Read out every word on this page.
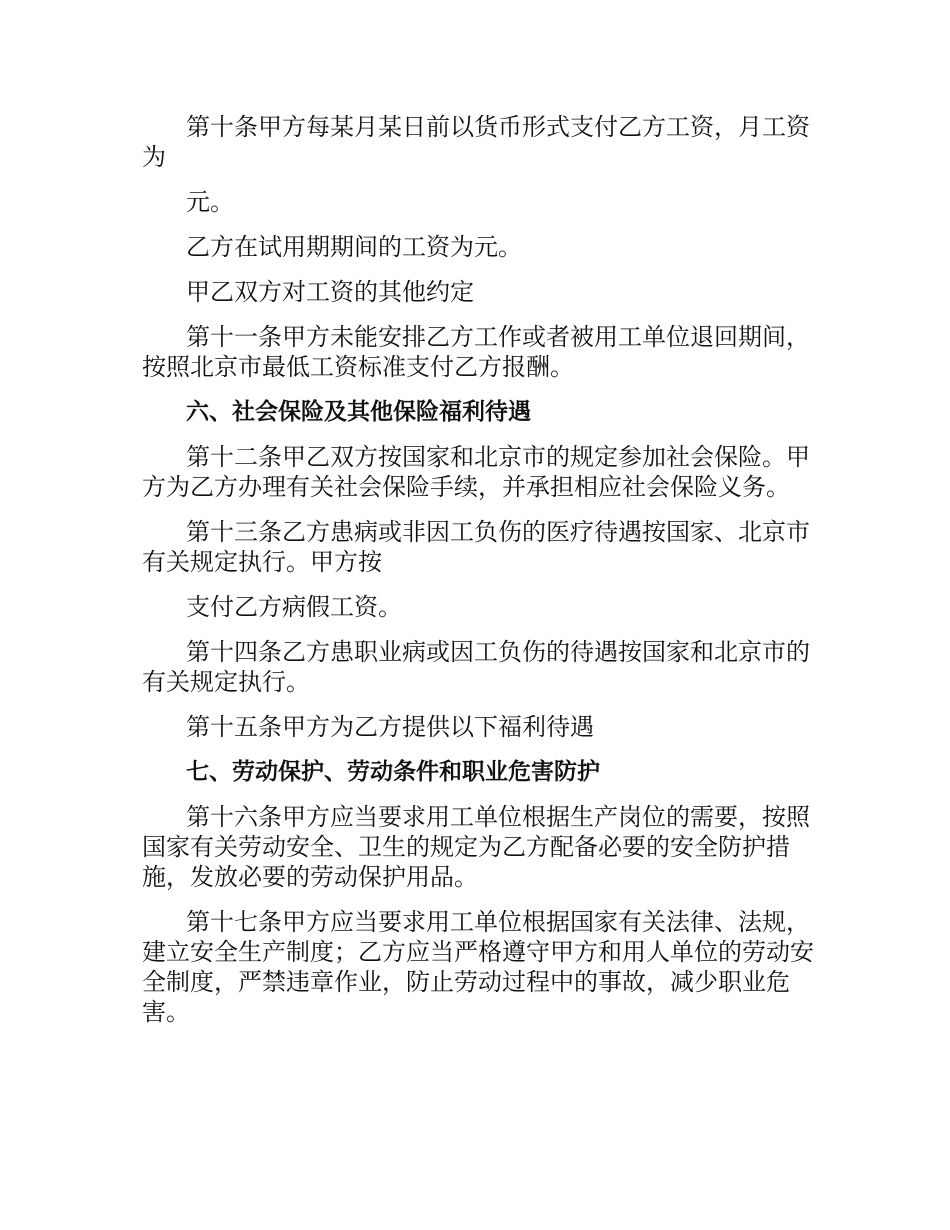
第十条甲方每某月某日前以货币形式支付乙方工资，月工资为

元。

乙方在试用期期间的工资为元。

甲乙双方对工资的其他约定

第十一条甲方未能安排乙方工作或者被用工单位退回期间，按照北京市最低工资标准支付乙方报酬。

六、社会保险及其他保险福利待遇

第十二条甲乙双方按国家和北京市的规定参加社会保险。甲方为乙方办理有关社会保险手续，并承担相应社会保险义务。

第十三条乙方患病或非因工负伤的医疗待遇按国家、北京市有关规定执行。甲方按

支付乙方病假工资。

第十四条乙方患职业病或因工负伤的待遇按国家和北京市的有关规定执行。

第十五条甲方为乙方提供以下福利待遇

七、劳动保护、劳动条件和职业危害防护

第十六条甲方应当要求用工单位根据生产岗位的需要，按照国家有关劳动安全、卫生的规定为乙方配备必要的安全防护措施，发放必要的劳动保护用品。

第十七条甲方应当要求用工单位根据国家有关法律、法规，建立安全生产制度；乙方应当严格遵守甲方和用人单位的劳动安全制度，严禁违章作业，防止劳动过程中的事故，减少职业危害。
